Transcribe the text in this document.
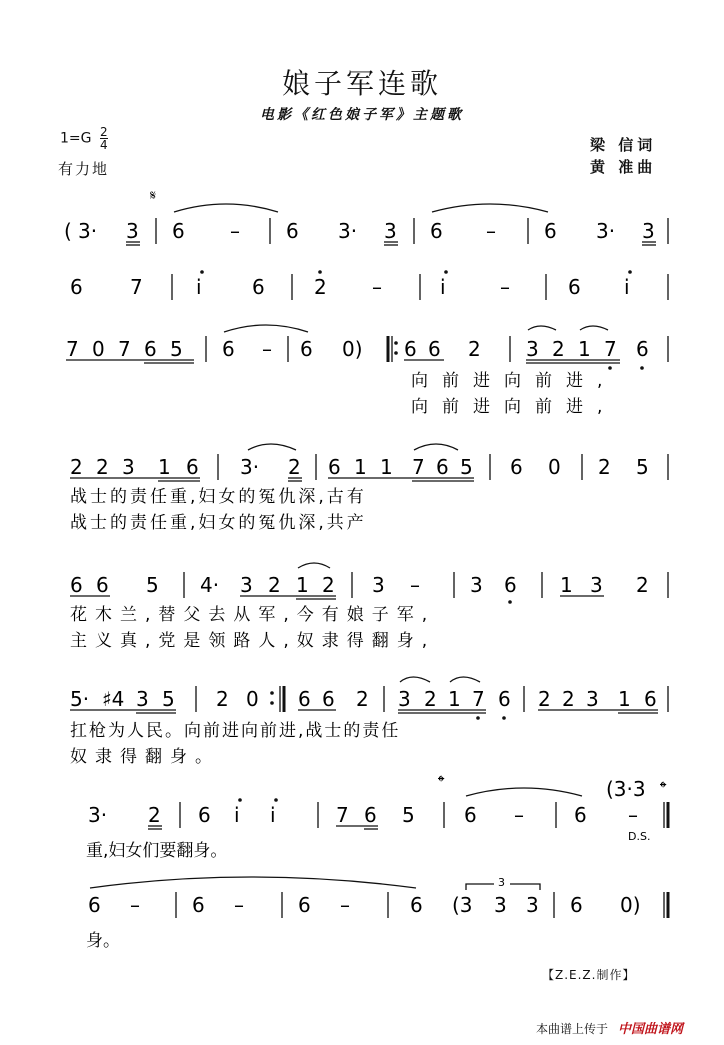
娘子军连歌
电影《红色娘子军》主题歌
$1=G \frac{2}{4}$
有力地
梁 信词
黄 准曲
𝄋
( 3· 3 6 – 6 3· 3 6 – 6 3· 3
6 7	i	6 2 –	i	–	6 i
7 0 7 6 5 6 – 6 0) 6 6 2 3 2 1 7 6
向前进向前进,
向前进向前进,
2 2 3 1 6 3· 2 6 1 1 7 6 5 6 0 2 5
战士的责任重,妇女的冤仇深,古有
战士的责任重,妇女的冤仇深,共产
6 6 5 4· 3 2 1 2 3 –	3 6 1 3 2
花木兰,替父去从军,今有娘子军,
主义真,党是领路人,奴隶得翻身,
5· ♯4 3 5 2 0 6 6 2 3 2 1 7 6 2 2 3 1 6
扛枪为人民。向前进向前进,战士的责任
奴隶得翻身。
𝄌	(3·3 𝄌
3· 2 6 i i	7 6 5 6 –	6 –
重,妇女们要翻身。
D.S.
6 –	6 –	6 –	6 (3 3 3 6 0)
3
身。
【Z.E.Z.制作】
本曲谱上传于 中国曲谱网
